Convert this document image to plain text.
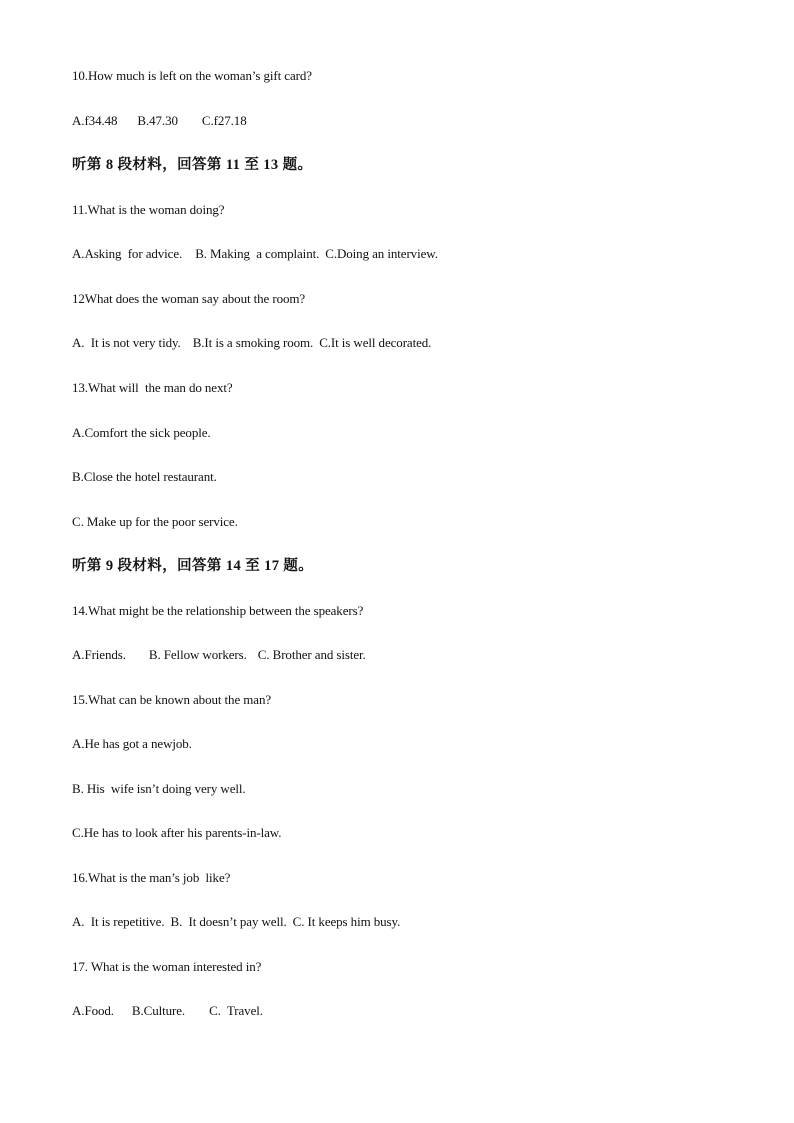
10.How much is left on the woman’s gift card?
A.f34.48 B.47.30 C.f27.18
听第 8 段材料，回答第 11 至 13 题。
11.What is the woman doing?
A.Asking  for advice. B. Making  a complaint. C.Doing an interview.
12What does the woman say about the room?
A.  It is not very tidy. B.It is a smoking room. C.It is well decorated.
13.What will  the man do next?
A.Comfort the sick people.
B.Close the hotel restaurant.
C. Make up for the poor service.
听第 9 段材料，回答第 14 至 17 题。
14.What might be the relationship between the speakers?
A.Friends. B. Fellow workers. C. Brother and sister.
15.What can be known about the man?
A.He has got a newjob.
B. His  wife isn’t doing very well.
C.He has to look after his parents-in-law.
16.What is the man’s job  like?
A.  It is repetitive. B.  It doesn’t pay well. C. It keeps him busy.
17. What is the woman interested in?
A.Food. B.Culture. C.  Travel.
